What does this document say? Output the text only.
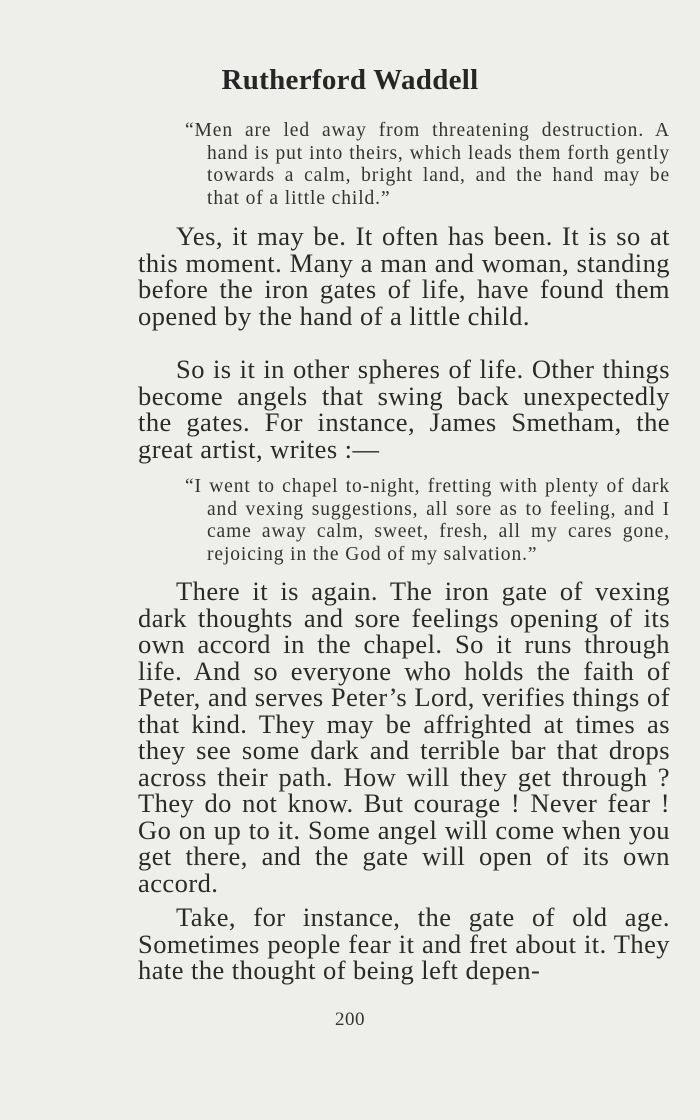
Rutherford Waddell

“Men are led away from threatening destruction. A hand is put into theirs, which leads them forth gently towards a calm, bright land, and the hand may be that of a little child.”

Yes, it may be. It often has been. It is so at this moment. Many a man and woman, standing before the iron gates of life, have found them opened by the hand of a little child.

So is it in other spheres of life. Other things become angels that swing back unexpectedly the gates. For instance, James Smetham, the great artist, writes :—

“I went to chapel to-night, fretting with plenty of dark and vexing suggestions, all sore as to feeling, and I came away calm, sweet, fresh, all my cares gone, rejoicing in the God of my salvation.”

There it is again. The iron gate of vexing dark thoughts and sore feelings opening of its own accord in the chapel. So it runs through life. And so everyone who holds the faith of Peter, and serves Peter’s Lord, verifies things of that kind. They may be affrighted at times as they see some dark and terrible bar that drops across their path. How will they get through ? They do not know. But courage ! Never fear ! Go on up to it. Some angel will come when you get there, and the gate will open of its own accord.

Take, for instance, the gate of old age. Sometimes people fear it and fret about it. They hate the thought of being left depen-

200
